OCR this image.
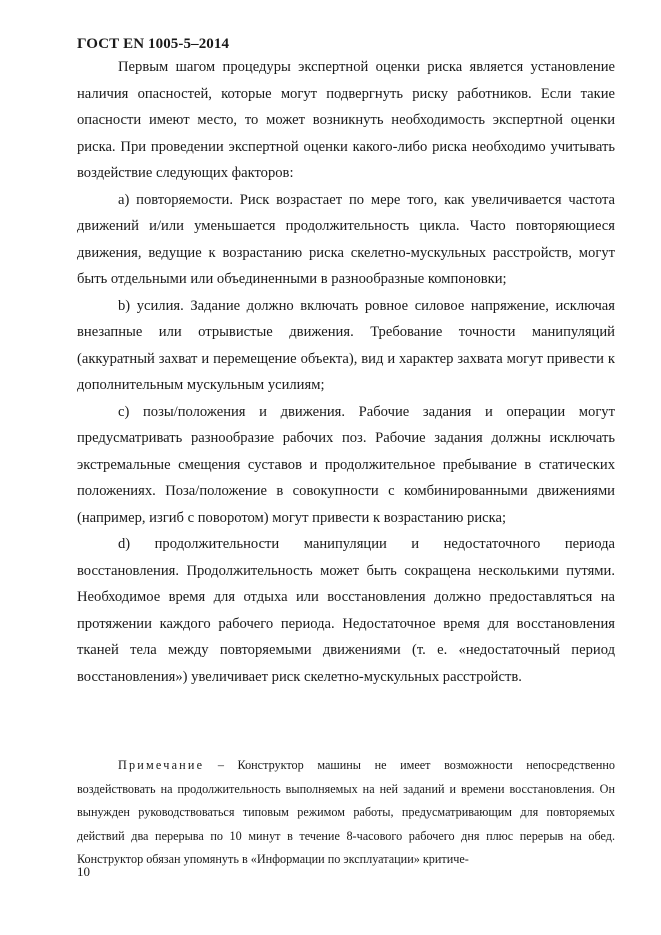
ГОСТ EN 1005-5–2014

Первым шагом процедуры экспертной оценки риска является установление наличия опасностей, которые могут подвергнуть риску работников. Если такие опасности имеют место, то может возникнуть необходимость экспертной оценки риска. При проведении экспертной оценки какого-либо риска необходимо учитывать воздействие следующих факторов:

a) повторяемости. Риск возрастает по мере того, как увеличивается частота движений и/или уменьшается продолжительность цикла. Часто повторяющиеся движения, ведущие к возрастанию риска скелетно-мускульных расстройств, могут быть отдельными или объединенными в разнообразные компоновки;

b) усилия. Задание должно включать ровное силовое напряжение, исключая внезапные или отрывистые движения. Требование точности манипуляций (аккуратный захват и перемещение объекта), вид и характер захвата могут привести к дополнительным мускульным усилиям;

c) позы/положения и движения. Рабочие задания и операции могут предусматривать разнообразие рабочих поз. Рабочие задания должны исключать экстремальные смещения суставов и продолжительное пребывание в статических положениях. Поза/положение в совокупности с комбинированными движениями (например, изгиб с поворотом) могут привести к возрастанию риска;

d) продолжительности манипуляции и недостаточного периода восстановления. Продолжительность может быть сокращена несколькими путями. Необходимое время для отдыха или восстановления должно предоставляться на протяжении каждого рабочего периода. Недостаточное время для восстановления тканей тела между повторяемыми движениями (т. е. «недостаточный период восстановления») увеличивает риск скелетно-мускульных расстройств.

Примечание – Конструктор машины не имеет возможности непосредственно воздействовать на продолжительность выполняемых на ней заданий и времени восстановления. Он вынужден руководствоваться типовым режимом работы, предусматривающим для повторяемых действий два перерыва по 10 минут в течение 8-часового рабочего дня плюс перерыв на обед. Конструктор обязан упомянуть в «Информации по эксплуатации» критиче-

10
